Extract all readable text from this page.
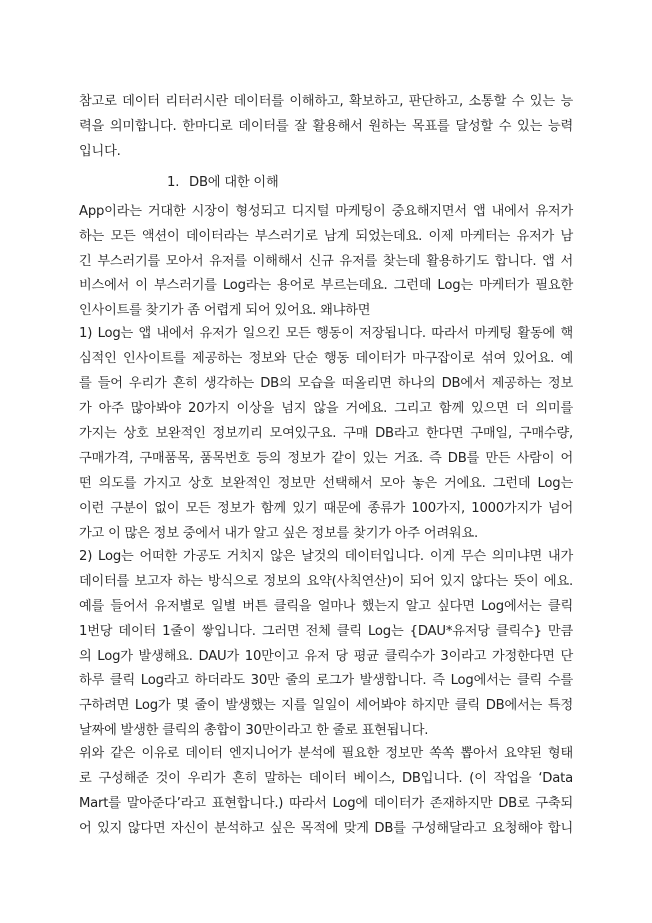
참고로 데이터 리터러시란 데이터를 이해하고, 확보하고, 판단하고, 소통할 수 있는 능
력을 의미합니다. 한마디로 데이터를 잘 활용해서 원하는 목표를 달성할 수 있는 능력
입니다.
1. DB에 대한 이해
App이라는 거대한 시장이 형성되고 디지털 마케팅이 중요해지면서 앱 내에서 유저가
하는 모든 액션이 데이터라는 부스러기로 남게 되었는데요. 이제 마케터는 유저가 남
긴 부스러기를 모아서 유저를 이해해서 신규 유저를 찾는데 활용하기도 합니다. 앱 서
비스에서 이 부스러기를 Log라는 용어로 부르는데요. 그런데 Log는 마케터가 필요한
인사이트를 찾기가 좀 어렵게 되어 있어요. 왜냐하면
1) Log는 앱 내에서 유저가 일으킨 모든 행동이 저장됩니다. 따라서 마케팅 활동에 핵
심적인 인사이트를 제공하는 정보와 단순 행동 데이터가 마구잡이로 섞여 있어요. 예
를 들어 우리가 흔히 생각하는 DB의 모습을 떠올리면 하나의 DB에서 제공하는 정보
가 아주 많아봐야 20가지 이상을 넘지 않을 거에요. 그리고 함께 있으면 더 의미를
가지는 상호 보완적인 정보끼리 모여있구요. 구매 DB라고 한다면 구매일, 구매수량,
구매가격, 구매품목, 품목번호 등의 정보가 같이 있는 거죠. 즉 DB를 만든 사람이 어
떤 의도를 가지고 상호 보완적인 정보만 선택해서 모아 놓은 거에요. 그런데 Log는
이런 구분이 없이 모든 정보가 함께 있기 때문에 종류가 100가지, 1000가지가 넘어
가고 이 많은 정보 중에서 내가 알고 싶은 정보를 찾기가 아주 어려워요.
2) Log는 어떠한 가공도 거치지 않은 날것의 데이터입니다. 이게 무슨 의미냐면 내가
데이터를 보고자 하는 방식으로 정보의 요약(사칙연산)이 되어 있지 않다는 뜻이 에요.
예를 들어서 유저별로 일별 버튼 클릭을 얼마나 했는지 알고 싶다면 Log에서는 클릭
1번당 데이터 1줄이 쌓입니다. 그러면 전체 클릭 Log는 {DAU*유저당 클릭수} 만큼
의 Log가 발생해요. DAU가 10만이고 유저 당 평균 클릭수가 3이라고 가정한다면 단
하루 클릭 Log라고 하더라도 30만 줄의 로그가 발생합니다. 즉 Log에서는 클릭 수를
구하려면 Log가 몇 줄이 발생했는 지를 일일이 세어봐야 하지만 클릭 DB에서는 특정
날짜에 발생한 클릭의 총합이 30만이라고 한 줄로 표현됩니다.
위와 같은 이유로 데이터 엔지니어가 분석에 필요한 정보만 쏙쏙 뽑아서 요약된 형태
로 구성해준 것이 우리가 흔히 말하는 데이터 베이스, DB입니다. (이 작업을 ‘Data
Mart를 말아준다’라고 표현합니다.) 따라서 Log에 데이터가 존재하지만 DB로 구축되
어 있지 않다면 자신이 분석하고 싶은 목적에 맞게 DB를 구성해달라고 요청해야 합니
